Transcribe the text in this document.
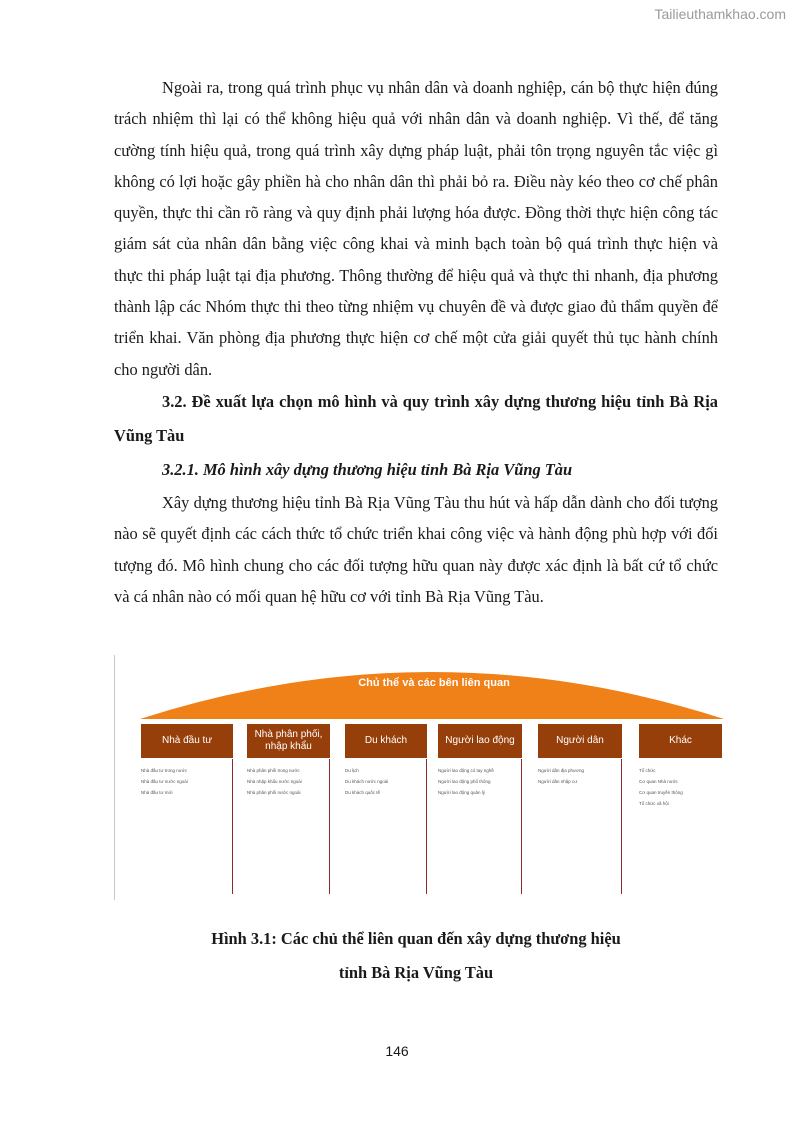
Tailieuthamkhao.com

Ngoài ra, trong quá trình phục vụ nhân dân và doanh nghiệp, cán bộ thực hiện đúng trách nhiệm thì lại có thể không hiệu quả với nhân dân và doanh nghiệp. Vì thế, để tăng cường tính hiệu quả, trong quá trình xây dựng pháp luật, phải tôn trọng nguyên tắc việc gì không có lợi hoặc gây phiền hà cho nhân dân thì phải bỏ ra. Điều này kéo theo cơ chế phân quyền, thực thi cần rõ ràng và quy định phải lượng hóa được. Đồng thời thực hiện công tác giám sát của nhân dân bằng việc công khai và minh bạch toàn bộ quá trình thực hiện và thực thi pháp luật tại địa phương. Thông thường để hiệu quả và thực thi nhanh, địa phương thành lập các Nhóm thực thi theo từng nhiệm vụ chuyên đề và được giao đủ thẩm quyền để triển khai. Văn phòng địa phương thực hiện cơ chế một cửa giải quyết thủ tục hành chính cho người dân.

3.2. Đề xuất lựa chọn mô hình và quy trình xây dựng thương hiệu tỉnh Bà Rịa Vũng Tàu
3.2.1. Mô hình xây dựng thương hiệu tỉnh Bà Rịa Vũng Tàu

Xây dựng thương hiệu tỉnh Bà Rịa Vũng Tàu thu hút và hấp dẫn dành cho đối tượng nào sẽ quyết định các cách thức tổ chức triển khai công việc và hành động phù hợp với đối tượng đó. Mô hình chung cho các đối tượng hữu quan này được xác định là bất cứ tổ chức và cá nhân nào có mối quan hệ hữu cơ với tỉnh Bà Rịa Vũng Tàu.

Chủ thể và các bên liên quan
Nhà đầu tư
Nhà đầu tư trong nước
Nhà đầu tư nước ngoài
Nhà đầu tư mới
Nhà phân phối, nhập khẩu
Nhà phân phối trong nước
Nhà nhập khẩu nước ngoài
Nhà phân phối nước ngoài
Du khách
Du lịch
Du khách nước ngoài
Du khách quốc tế
Người lao động
Người lao động có tay nghề
Người lao động phổ thông
Người lao động quản lý
Người dân
Người dân địa phương
Người dân nhập cư
Khác
Tổ chức
Cơ quan Nhà nước
Cơ quan truyền thông
Tổ chức xã hội
Hình 3.1: Các chủ thể liên quan đến xây dựng thương hiệu
tỉnh Bà Rịa Vũng Tàu
146
